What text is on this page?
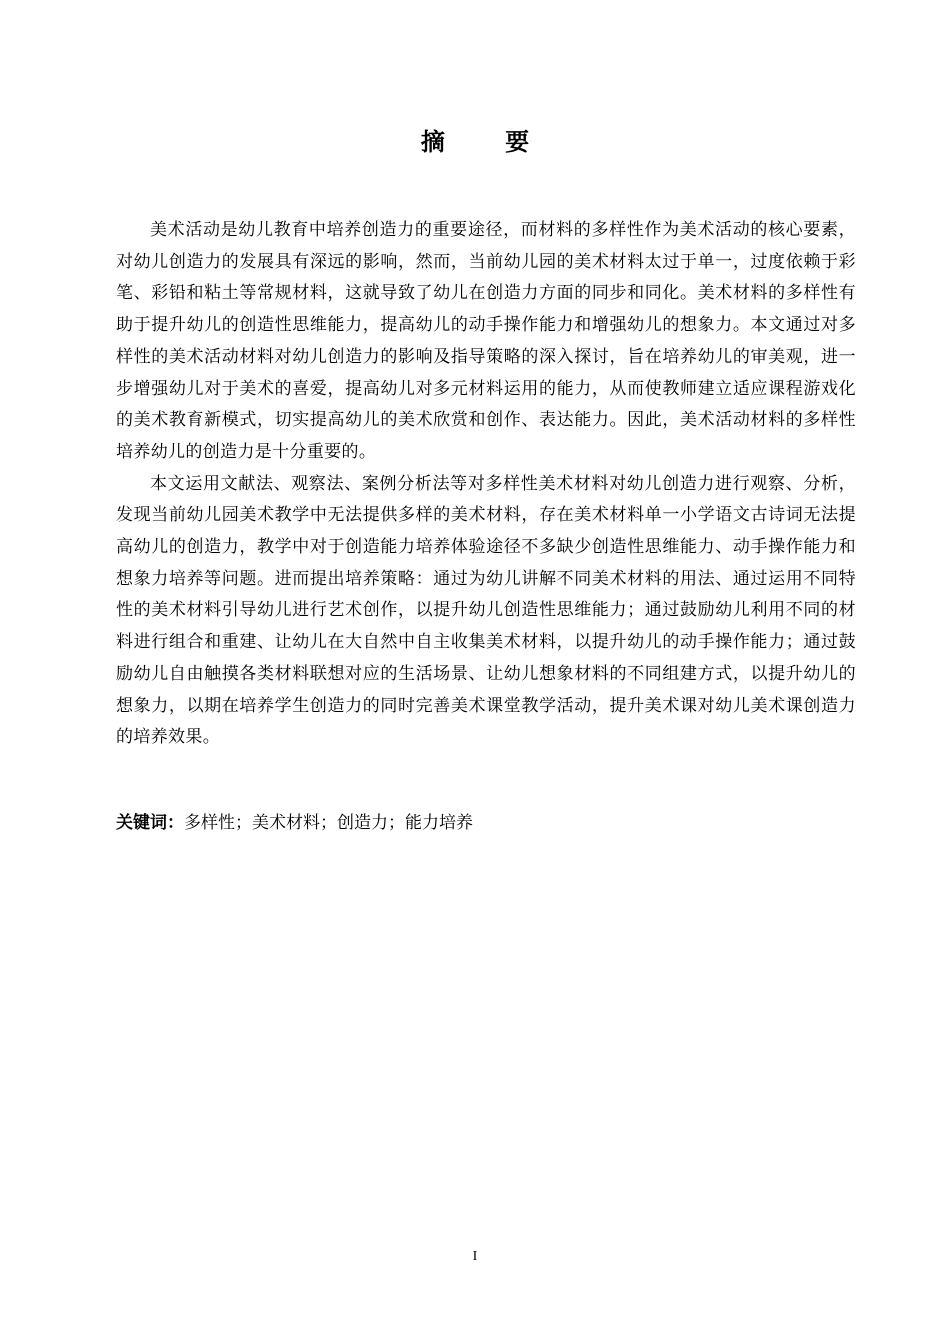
摘 要

美术活动是幼儿教育中培养创造力的重要途径，而材料的多样性作为美术活动的核心要素，对幼儿创造力的发展具有深远的影响，然而，当前幼儿园的美术材料太过于单一，过度依赖于彩笔、彩铅和粘土等常规材料，这就导致了幼儿在创造力方面的同步和同化。美术材料的多样性有助于提升幼儿的创造性思维能力，提高幼儿的动手操作能力和增强幼儿的想象力。本文通过对多样性的美术活动材料对幼儿创造力的影响及指导策略的深入探讨，旨在培养幼儿的审美观，进一步增强幼儿对于美术的喜爱，提高幼儿对多元材料运用的能力，从而使教师建立适应课程游戏化的美术教育新模式，切实提高幼儿的美术欣赏和创作、表达能力。因此，美术活动材料的多样性培养幼儿的创造力是十分重要的。

本文运用文献法、观察法、案例分析法等对多样性美术材料对幼儿创造力进行观察、分析，发现当前幼儿园美术教学中无法提供多样的美术材料，存在美术材料单一小学语文古诗词无法提高幼儿的创造力，教学中对于创造能力培养体验途径不多缺少创造性思维能力、动手操作能力和想象力培养等问题。进而提出培养策略：通过为幼儿讲解不同美术材料的用法、通过运用不同特性的美术材料引导幼儿进行艺术创作，以提升幼儿创造性思维能力；通过鼓励幼儿利用不同的材料进行组合和重建、让幼儿在大自然中自主收集美术材料，以提升幼儿的动手操作能力；通过鼓励幼儿自由触摸各类材料联想对应的生活场景、让幼儿想象材料的不同组建方式，以提升幼儿的想象力，以期在培养学生创造力的同时完善美术课堂教学活动，提升美术课对幼儿美术课创造力的培养效果。

关键词：多样性；美术材料；创造力；能力培养
I
